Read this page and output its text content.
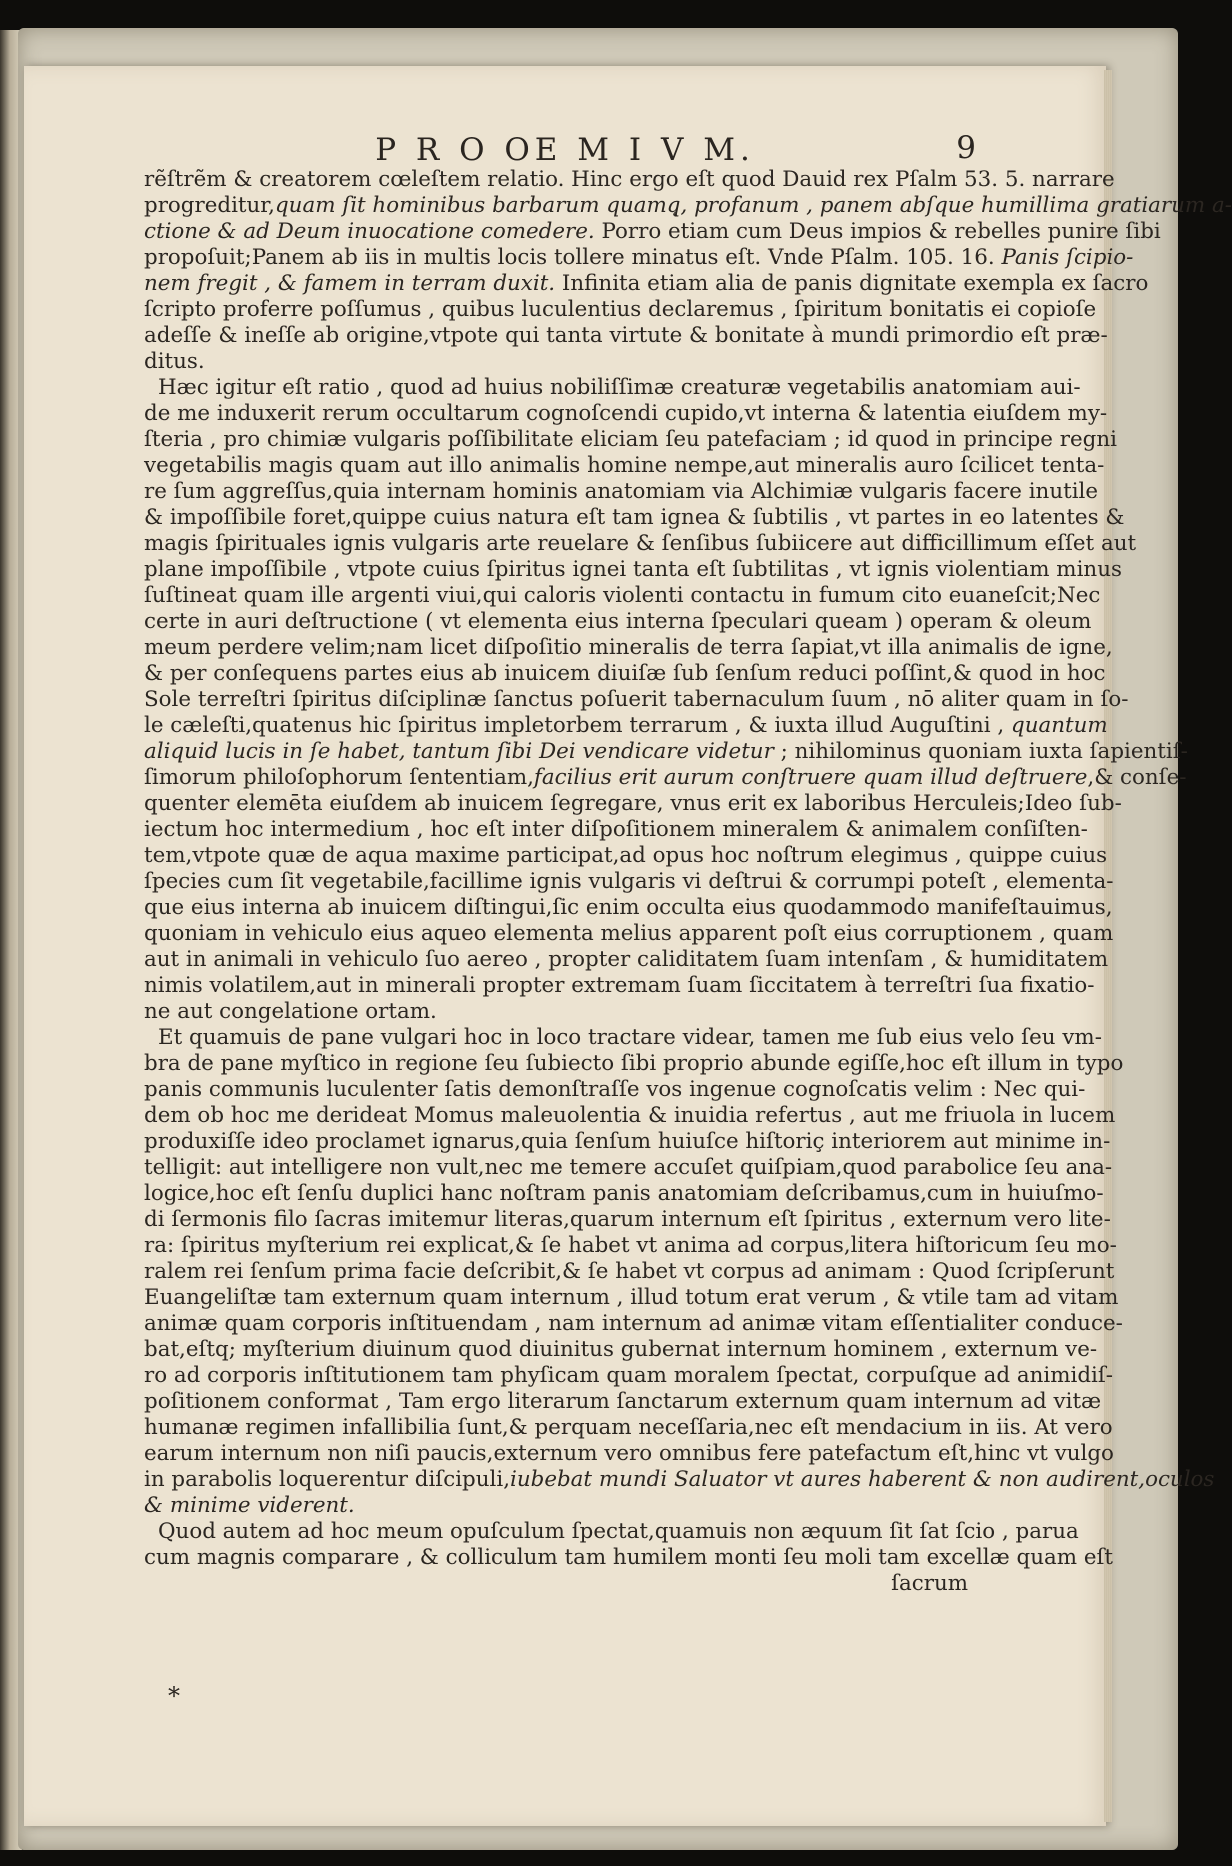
P R O OE M I V M.	9
rẽſtrẽm & creatorem cœleſtem relatio. Hinc ergo eſt quod Dauid rex Pſalm 53. 5. narrare
progreditur,quam ſit hominibus barbarum quamq̨, profanum , panem abſque humillima gratiarum a-
ctione & ad Deum inuocatione comedere. Porro etiam cum Deus impios & rebelles punire ſibi
propoſuit;Panem ab iis in multis locis tollere minatus eſt. Vnde Pſalm. 105. 16. Panis ſcipio-
nem fregit , & famem in terram duxit. Infinita etiam alia de panis dignitate exempla ex ſacro
ſcripto proferre poſſumus , quibus luculentius declaremus , ſpiritum bonitatis ei copioſe
adeſſe & ineſſe ab origine,vtpote qui tanta virtute & bonitate à mundi primordio eſt præ-
ditus.
Hæc igitur eſt ratio , quod ad huius nobiliſſimæ creaturæ vegetabilis anatomiam aui-
de me induxerit rerum occultarum cognoſcendi cupido,vt interna & latentia eiuſdem my-
ſteria , pro chimiæ vulgaris poſſibilitate eliciam ſeu patefaciam ; id quod in principe regni
vegetabilis magis quam aut illo animalis homine nempe,aut mineralis auro ſcilicet tenta-
re ſum aggreſſus,quia internam hominis anatomiam via Alchimiæ vulgaris facere inutile
& impoſſibile foret,quippe cuius natura eſt tam ignea & ſubtilis , vt partes in eo latentes &
magis ſpirituales ignis vulgaris arte reuelare & ſenſibus ſubiicere aut difficillimum eſſet aut
plane impoſſibile , vtpote cuius ſpiritus ignei tanta eſt ſubtilitas , vt ignis violentiam minus
ſuſtineat quam ille argenti viui,qui caloris violenti contactu in fumum cito euaneſcit;Nec
certe in auri deſtructione ( vt elementa eius interna ſpeculari queam ) operam & oleum
meum perdere velim;nam licet diſpoſitio mineralis de terra ſapiat,vt illa animalis de igne,
& per conſequens partes eius ab inuicem diuiſæ ſub ſenſum reduci poſſint,& quod in hoc
Sole terreſtri ſpiritus diſciplinæ ſanctus poſuerit tabernaculum ſuum , nō aliter quam in ſo-
le cæleſti,quatenus hic ſpiritus impletorbem terrarum , & iuxta illud Auguſtini , quantum
aliquid lucis in ſe habet, tantum ſibi Dei vendicare videtur ; nihilominus quoniam iuxta ſapientiſ-
ſimorum philoſophorum ſententiam,facilius erit aurum conſtruere quam illud deſtruere,& conſe-
quenter elemēta eiuſdem ab inuicem ſegregare, vnus erit ex laboribus Herculeis;Ideo ſub-
iectum hoc intermedium , hoc eſt inter diſpoſitionem mineralem & animalem conſiſten-
tem,vtpote quæ de aqua maxime participat,ad opus hoc noſtrum elegimus , quippe cuius
ſpecies cum ſit vegetabile,facillime ignis vulgaris vi deſtrui & corrumpi poteſt , elementa-
que eius interna ab inuicem diſtingui,ſic enim occulta eius quodammodo manifeſtauimus,
quoniam in vehiculo eius aqueo elementa melius apparent poſt eius corruptionem , quam
aut in animali in vehiculo ſuo aereo , propter caliditatem ſuam intenſam , & humiditatem
nimis volatilem,aut in minerali propter extremam ſuam ſiccitatem à terreſtri ſua fixatio-
ne aut congelatione ortam.
Et quamuis de pane vulgari hoc in loco tractare videar, tamen me ſub eius velo ſeu vm-
bra de pane myſtico in regione ſeu ſubiecto ſibi proprio abunde egiſſe,hoc eſt illum in typo
panis communis luculenter ſatis demonſtraſſe vos ingenue cognoſcatis velim : Nec qui-
dem ob hoc me derideat Momus maleuolentia & inuidia refertus , aut me friuola in lucem
produxiſſe ideo proclamet ignarus,quia ſenſum huiuſce hiſtoriç interiorem aut minime in-
telligit: aut intelligere non vult,nec me temere accuſet quiſpiam,quod parabolice ſeu ana-
logice,hoc eſt ſenſu duplici hanc noſtram panis anatomiam deſcribamus,cum in huiuſmo-
di ſermonis filo ſacras imitemur literas,quarum internum eſt ſpiritus , externum vero lite-
ra: ſpiritus myſterium rei explicat,& ſe habet vt anima ad corpus,litera hiſtoricum ſeu mo-
ralem rei ſenſum prima facie deſcribit,& ſe habet vt corpus ad animam : Quod ſcripſerunt
Euangeliſtæ tam externum quam internum , illud totum erat verum , & vtile tam ad vitam
animæ quam corporis inſtituendam , nam internum ad animæ vitam eſſentialiter conduce-
bat,eſtq; myſterium diuinum quod diuinitus gubernat internum hominem , externum ve-
ro ad corporis inſtitutionem tam phyſicam quam moralem ſpectat, corpuſque ad animidiſ-
poſitionem conformat , Tam ergo literarum ſanctarum externum quam internum ad vitæ
humanæ regimen infallibilia ſunt,& perquam neceſſaria,nec eſt mendacium in iis. At vero
earum internum non niſi paucis,externum vero omnibus fere patefactum eſt,hinc vt vulgo
in parabolis loquerentur diſcipuli,iubebat mundi Saluator vt aures haberent & non audirent,oculos
& minime viderent.
Quod autem ad hoc meum opuſculum ſpectat,quamuis non æquum ſit ſat ſcio , parua
cum magnis comparare , & colliculum tam humilem monti ſeu moli tam excellæ quam eſt
ſacrum
*
